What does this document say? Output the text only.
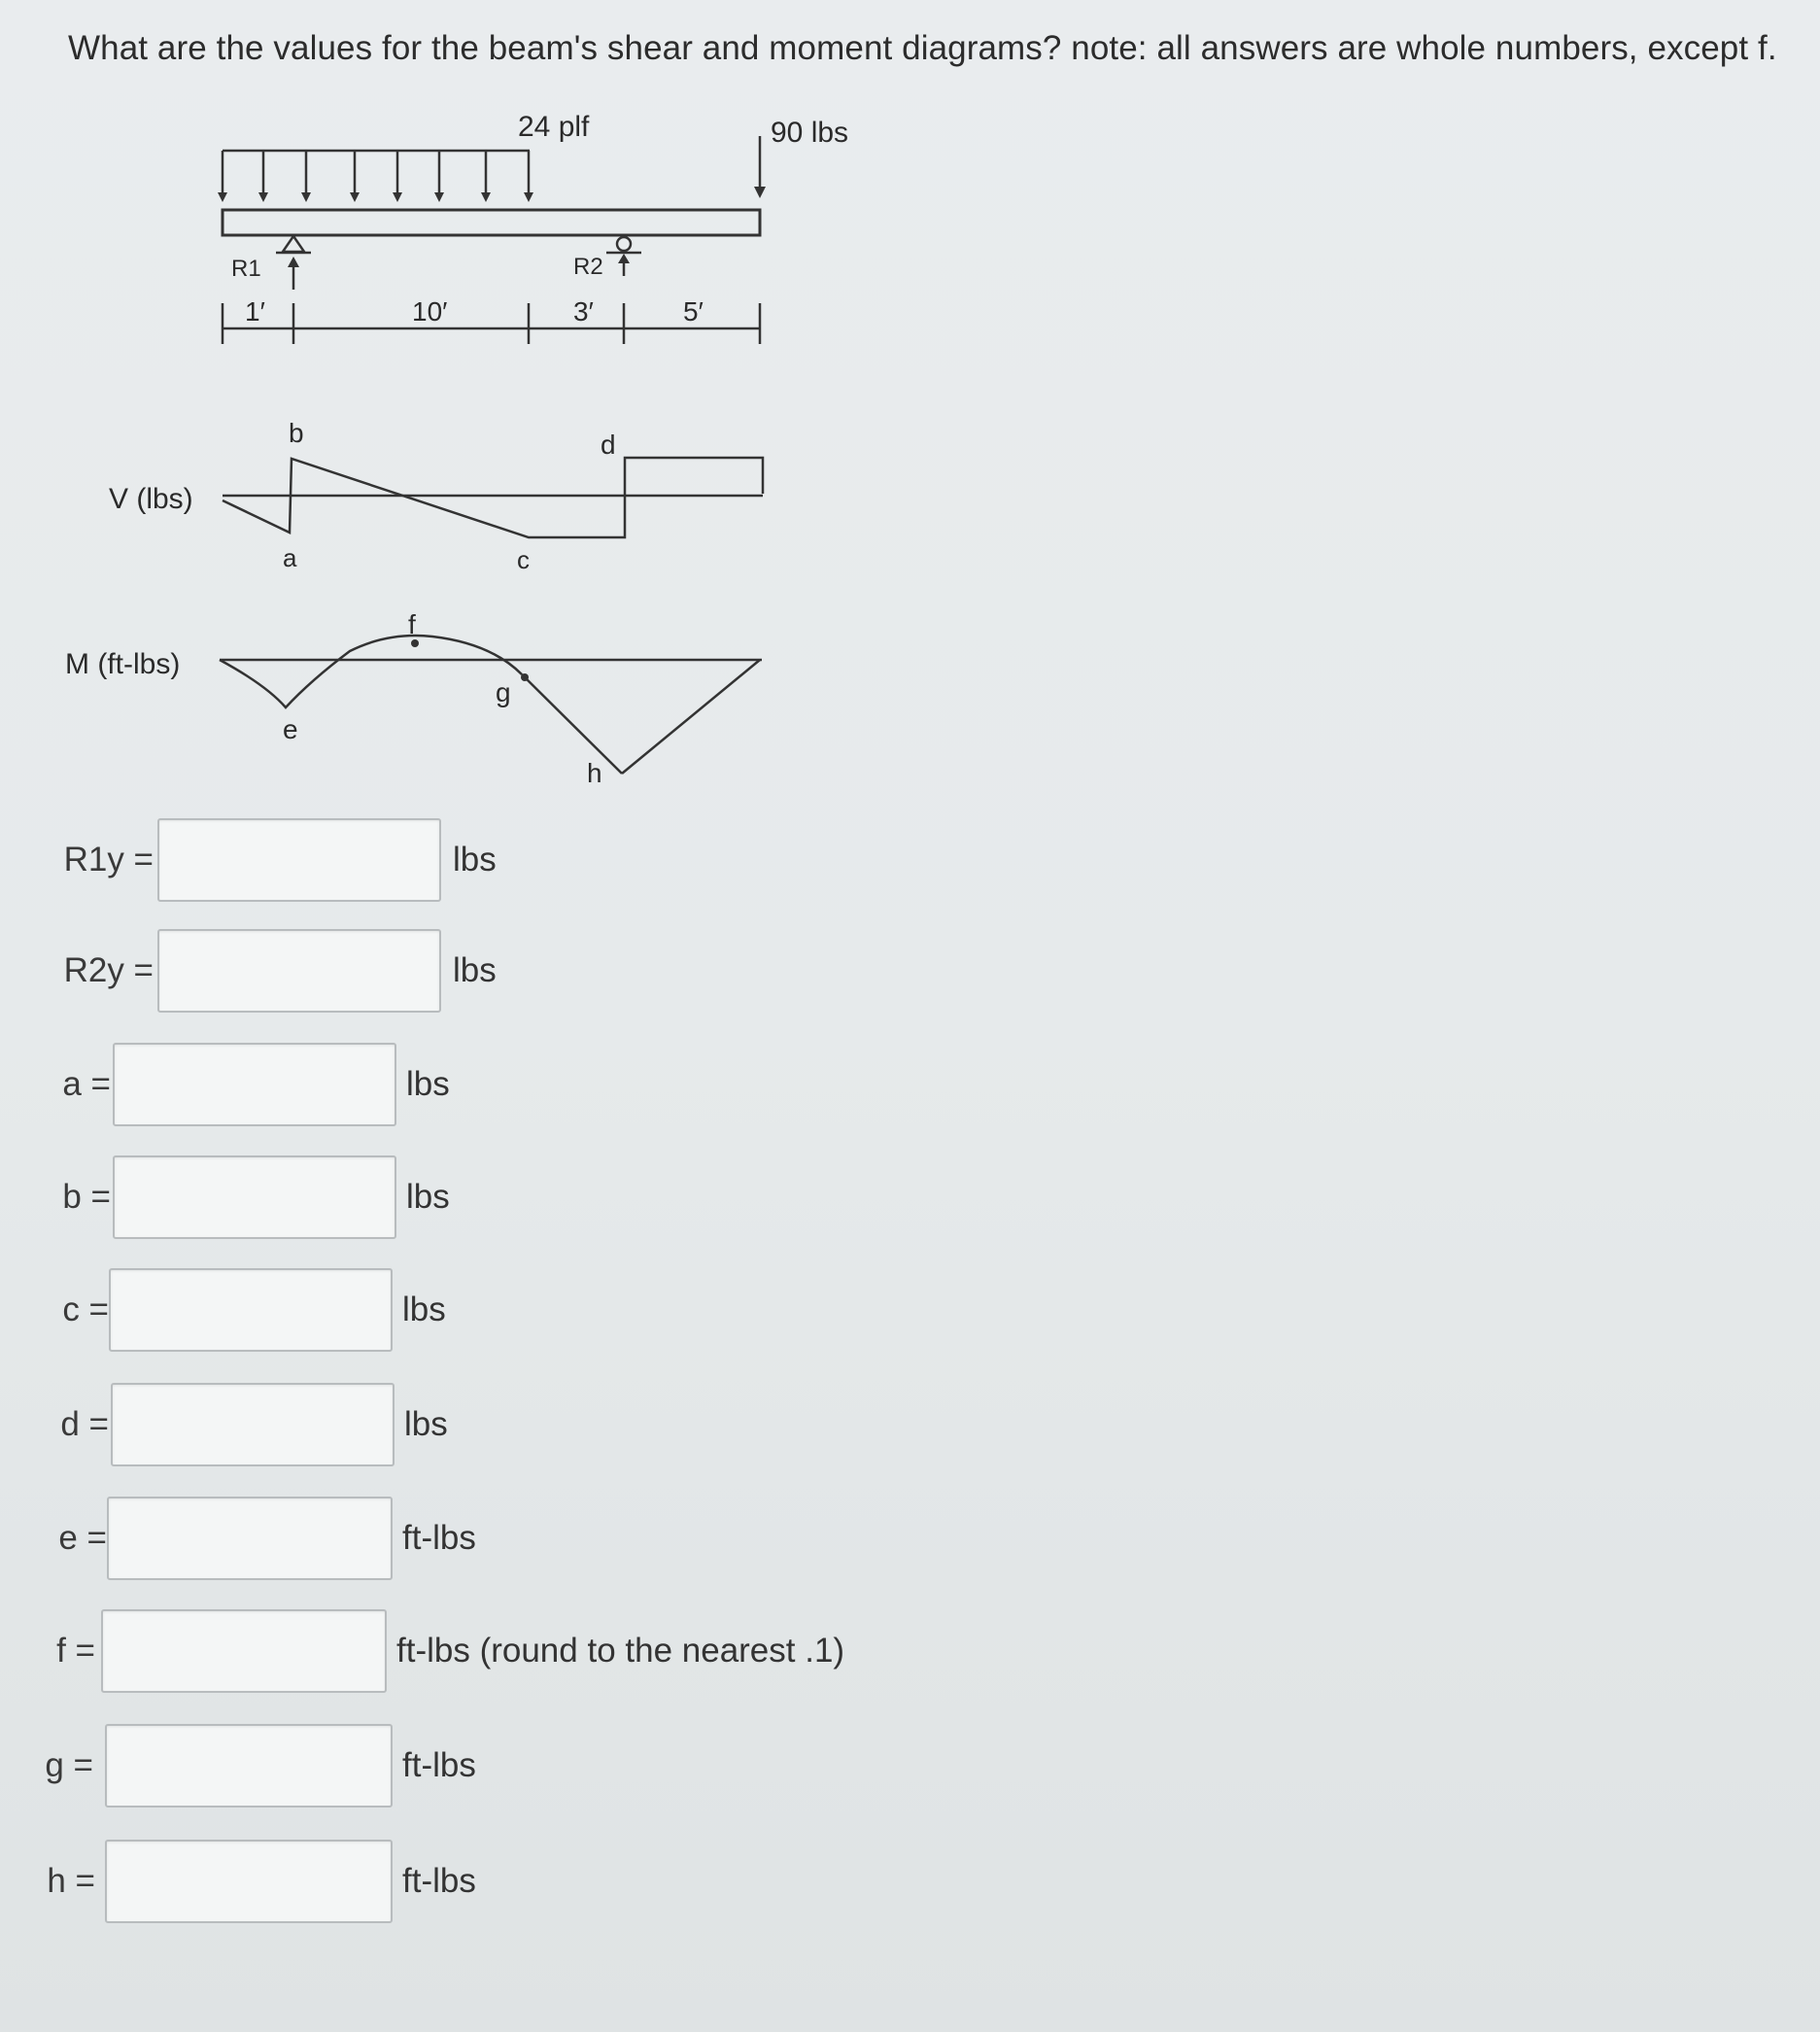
What are the values for the beam's shear and moment diagrams? note: all answers are whole numbers, except f.
24 plf	90 lbs
R1	R2
1′	10′	3′	5′
V (lbs)
a
b
c
d
M (ft-lbs)
e
f
g
h
R1y =	lbs
R2y =	lbs
a =	lbs
b =	lbs
c =	lbs
d =	lbs
e =	ft-lbs
f =	ft-lbs (round to the nearest .1)
g =	ft-lbs
h =	ft-lbs
